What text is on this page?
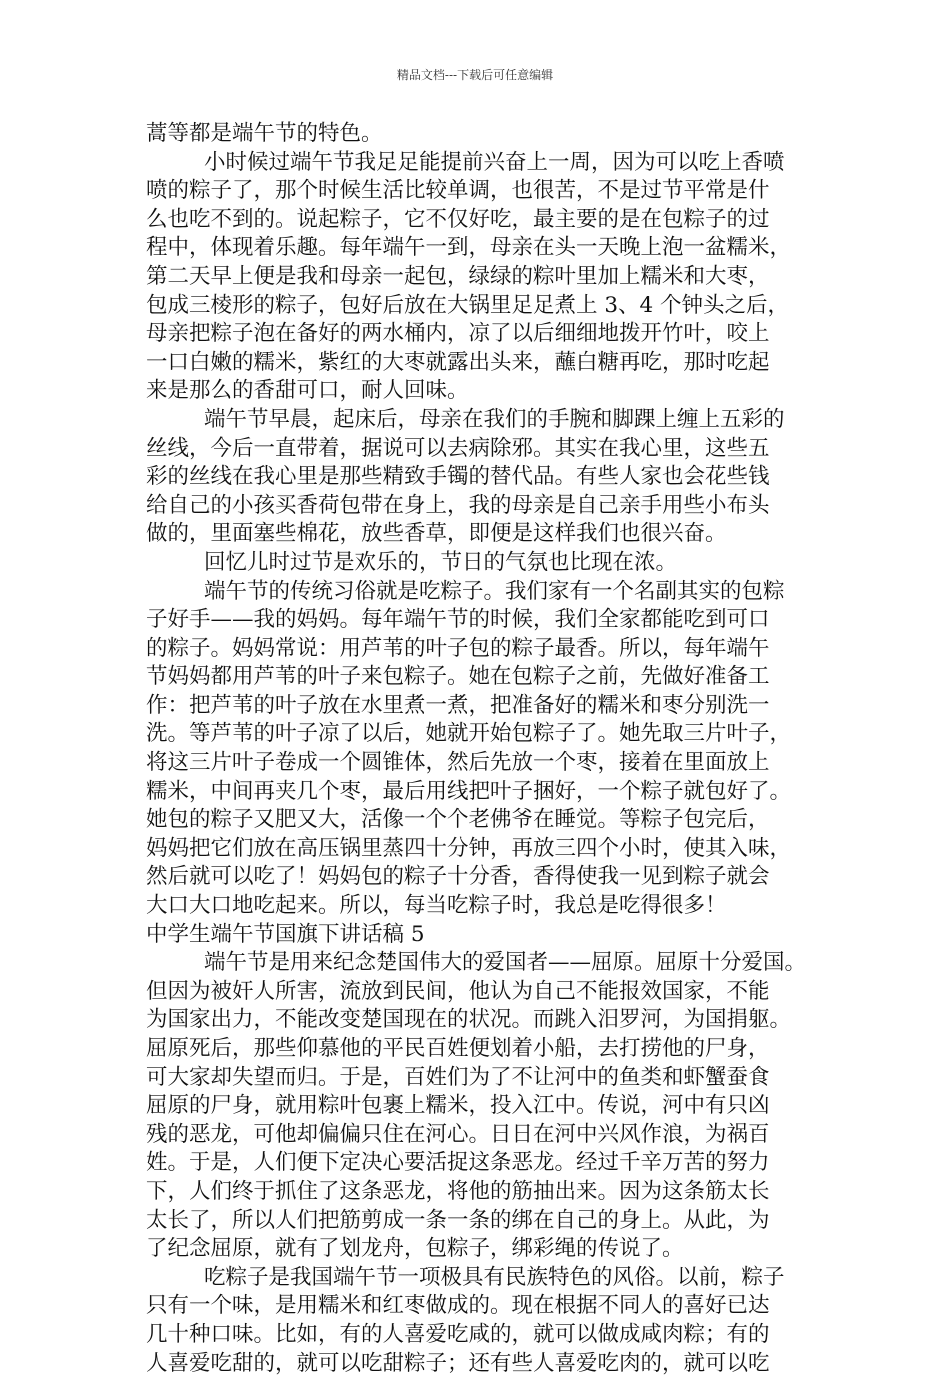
精品文档---下载后可任意编辑
蒿等都是端午节的特色。
小时候过端午节我足足能提前兴奋上一周，因为可以吃上香喷
喷的粽子了，那个时候生活比较单调，也很苦，不是过节平常是什
么也吃不到的。说起粽子，它不仅好吃，最主要的是在包粽子的过
程中，体现着乐趣。每年端午一到，母亲在头一天晚上泡一盆糯米，
第二天早上便是我和母亲一起包，绿绿的粽叶里加上糯米和大枣，
包成三棱形的粽子，包好后放在大锅里足足煮上 3、4 个钟头之后，
母亲把粽子泡在备好的两水桶内，凉了以后细细地拨开竹叶，咬上
一口白嫩的糯米，紫红的大枣就露出头来，蘸白糖再吃，那时吃起
来是那么的香甜可口，耐人回味。
端午节早晨，起床后，母亲在我们的手腕和脚踝上缠上五彩的
丝线，今后一直带着，据说可以去病除邪。其实在我心里，这些五
彩的丝线在我心里是那些精致手镯的替代品。有些人家也会花些钱
给自己的小孩买香荷包带在身上，我的母亲是自己亲手用些小布头
做的，里面塞些棉花，放些香草，即便是这样我们也很兴奋。
回忆儿时过节是欢乐的，节日的气氛也比现在浓。
端午节的传统习俗就是吃粽子。我们家有一个名副其实的包粽
子好手——我的妈妈。每年端午节的时候，我们全家都能吃到可口
的粽子。妈妈常说：用芦苇的叶子包的粽子最香。所以，每年端午
节妈妈都用芦苇的叶子来包粽子。她在包粽子之前，先做好准备工
作：把芦苇的叶子放在水里煮一煮，把准备好的糯米和枣分别洗一
洗。等芦苇的叶子凉了以后，她就开始包粽子了。她先取三片叶子，
将这三片叶子卷成一个圆锥体，然后先放一个枣，接着在里面放上
糯米，中间再夹几个枣，最后用线把叶子捆好，一个粽子就包好了。
她包的粽子又肥又大，活像一个个老佛爷在睡觉。等粽子包完后，
妈妈把它们放在高压锅里蒸四十分钟，再放三四个小时，使其入味，
然后就可以吃了！妈妈包的粽子十分香，香得使我一见到粽子就会
大口大口地吃起来。所以，每当吃粽子时，我总是吃得很多！
中学生端午节国旗下讲话稿 5
端午节是用来纪念楚国伟大的爱国者——屈原。屈原十分爱国。
但因为被奸人所害，流放到民间，他认为自己不能报效国家，不能
为国家出力，不能改变楚国现在的状况。而跳入汨罗河，为国捐躯。
屈原死后，那些仰慕他的平民百姓便划着小船，去打捞他的尸身，
可大家却失望而归。于是，百姓们为了不让河中的鱼类和虾蟹蚕食
屈原的尸身，就用粽叶包裹上糯米，投入江中。传说，河中有只凶
残的恶龙，可他却偏偏只住在河心。日日在河中兴风作浪，为祸百
姓。于是，人们便下定决心要活捉这条恶龙。经过千辛万苦的努力
下，人们终于抓住了这条恶龙，将他的筋抽出来。因为这条筋太长
太长了，所以人们把筋剪成一条一条的绑在自己的身上。从此，为
了纪念屈原，就有了划龙舟，包粽子，绑彩绳的传说了。
吃粽子是我国端午节一项极具有民族特色的风俗。以前，粽子
只有一个味，是用糯米和红枣做成的。现在根据不同人的喜好已达
几十种口味。比如，有的人喜爱吃咸的，就可以做成咸肉粽；有的
人喜爱吃甜的，就可以吃甜粽子；还有些人喜爱吃肉的，就可以吃
